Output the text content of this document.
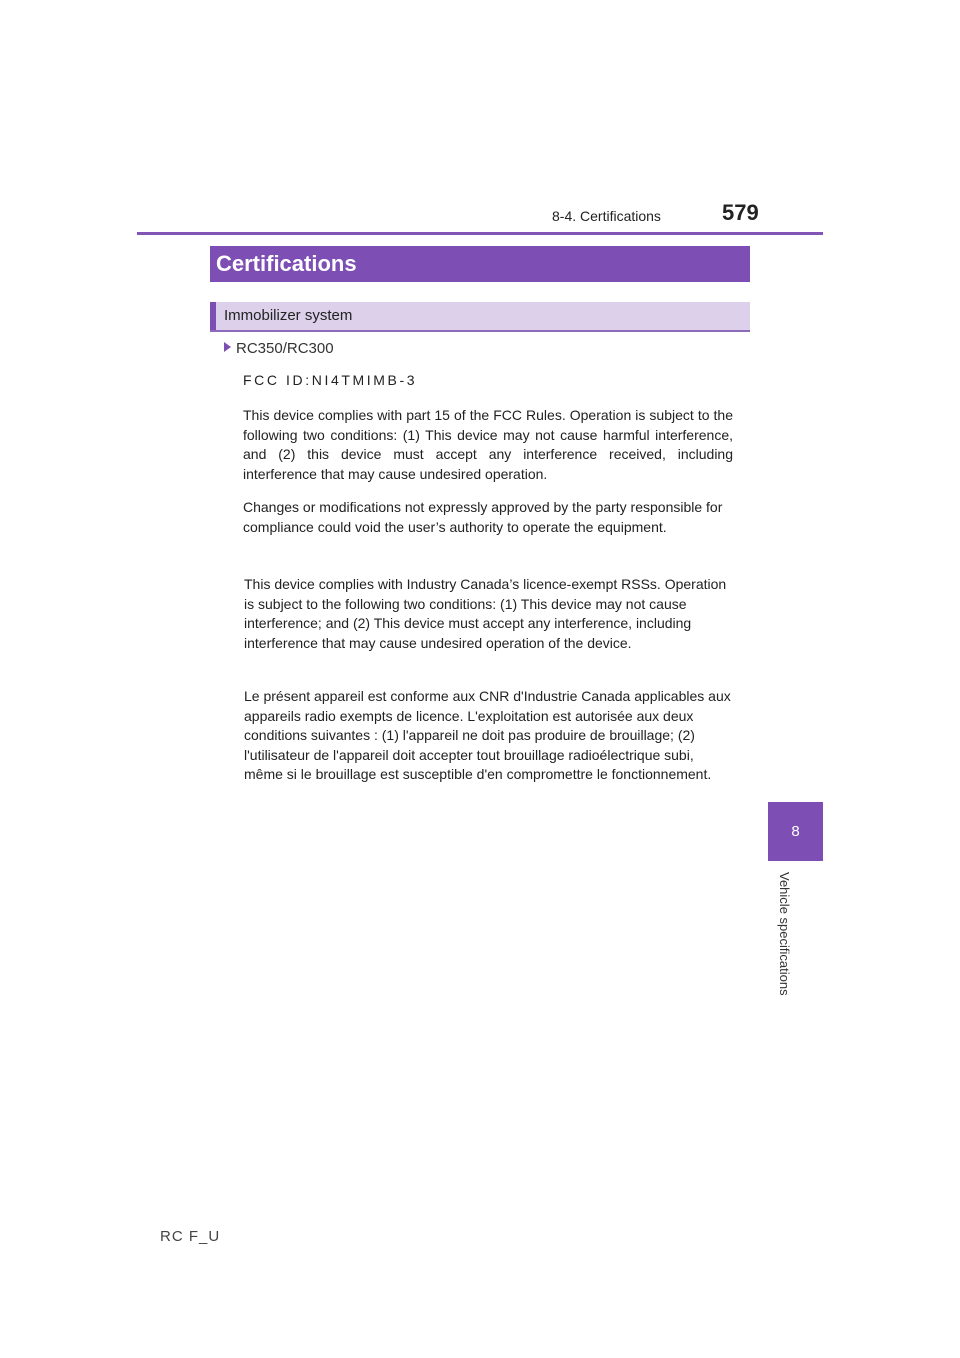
8-4. Certifications	579
Certifications
Immobilizer system
RC350/RC300
FCC ID:NI4TMIMB-3
This device complies with part 15 of the FCC Rules. Operation is subject to the following two conditions: (1) This device may not cause harmful interference, and (2) this device must accept any interference received, including interference that may cause undesired operation.
Changes or modifications not expressly approved by the party responsible for compliance could void the user’s authority to operate the equipment.
This device complies with Industry Canada’s licence-exempt RSSs. Operation is subject to the following two conditions: (1) This device may not cause interference; and (2) This device must accept any interference, including interference that may cause undesired operation of the device.
Le présent appareil est conforme aux CNR d'Industrie Canada applicables aux appareils radio exempts de licence. L'exploitation est autorisée aux deux conditions suivantes : (1) l'appareil ne doit pas produire de brouillage; (2) l'utilisateur de l'appareil doit accepter tout brouillage radioélectrique subi, même si le brouillage est susceptible d'en compromettre le fonctionnement.
8
Vehicle specifications
RC F_U
